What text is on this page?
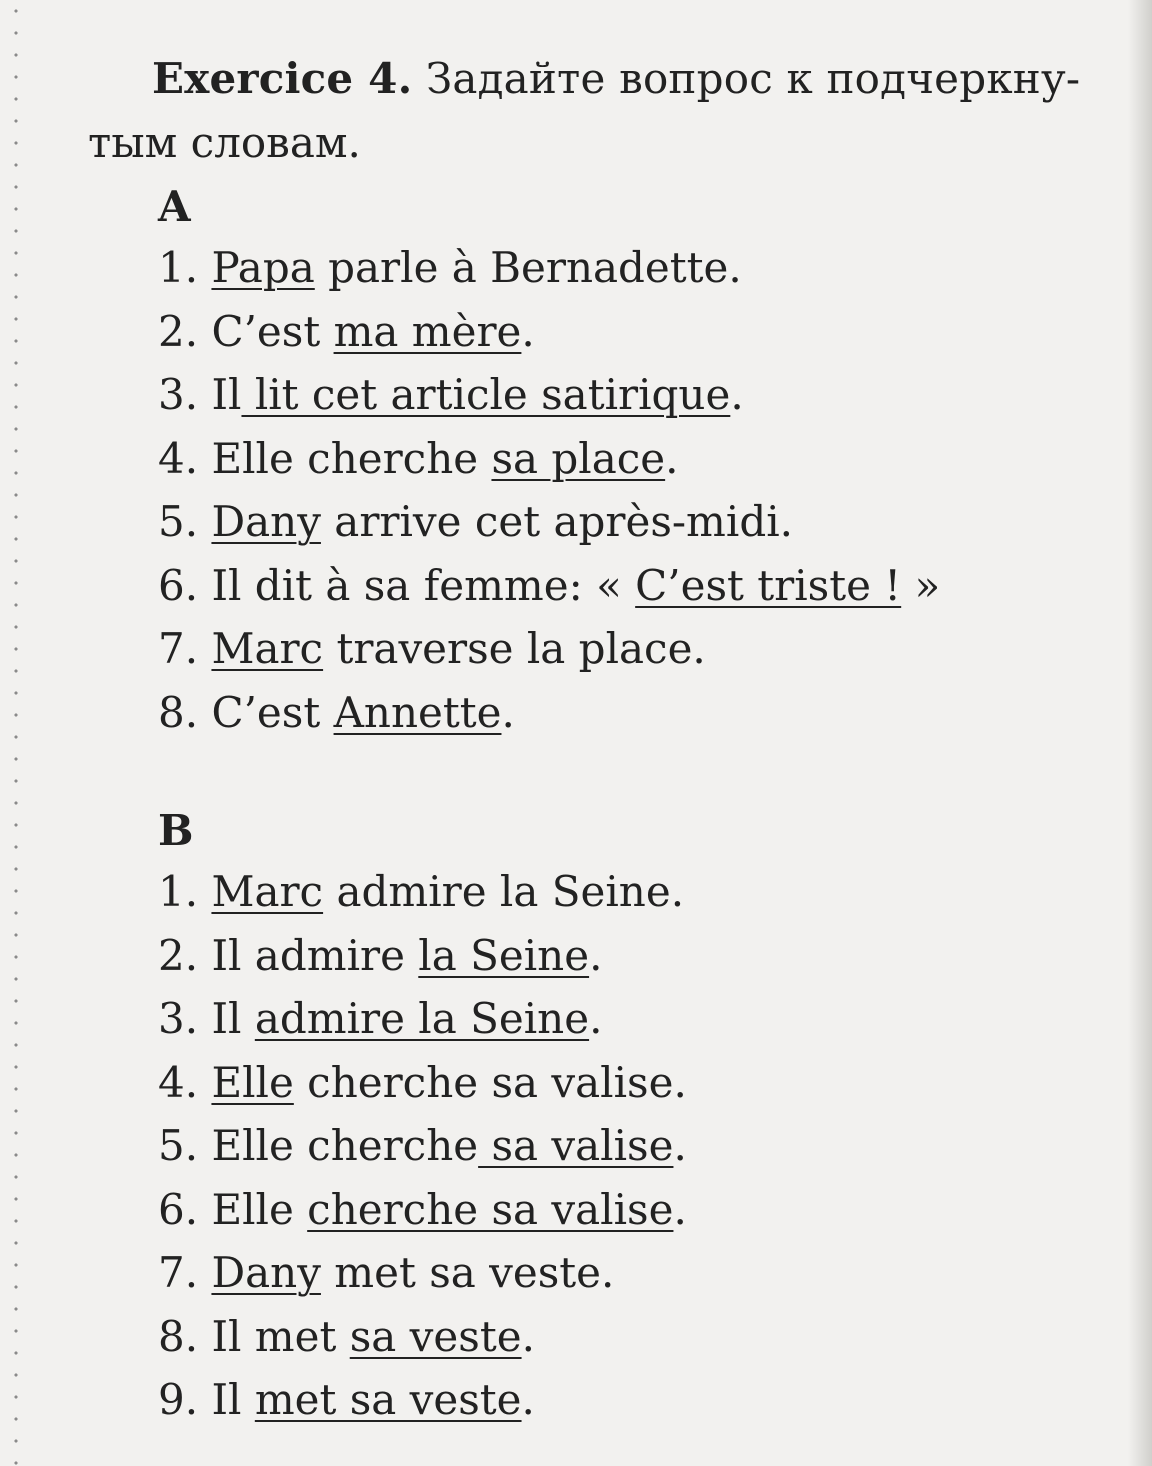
Exercice 4. Задайте вопрос к подчеркну-
тым словам.
A
1. Papa parle à Bernadette.
2. C’est ma mère.
3. Il lit cet article satirique.
4. Elle cherche sa place.
5. Dany arrive cet après-midi.
6. Il dit à sa femme: « C’est triste ! »
7. Marc traverse la place.
8. C’est Annette.
B
1. Marc admire la Seine.
2. Il admire la Seine.
3. Il admire la Seine.
4. Elle cherche sa valise.
5. Elle cherche sa valise.
6. Elle cherche sa valise.
7. Dany met sa veste.
8. Il met sa veste.
9. Il met sa veste.
